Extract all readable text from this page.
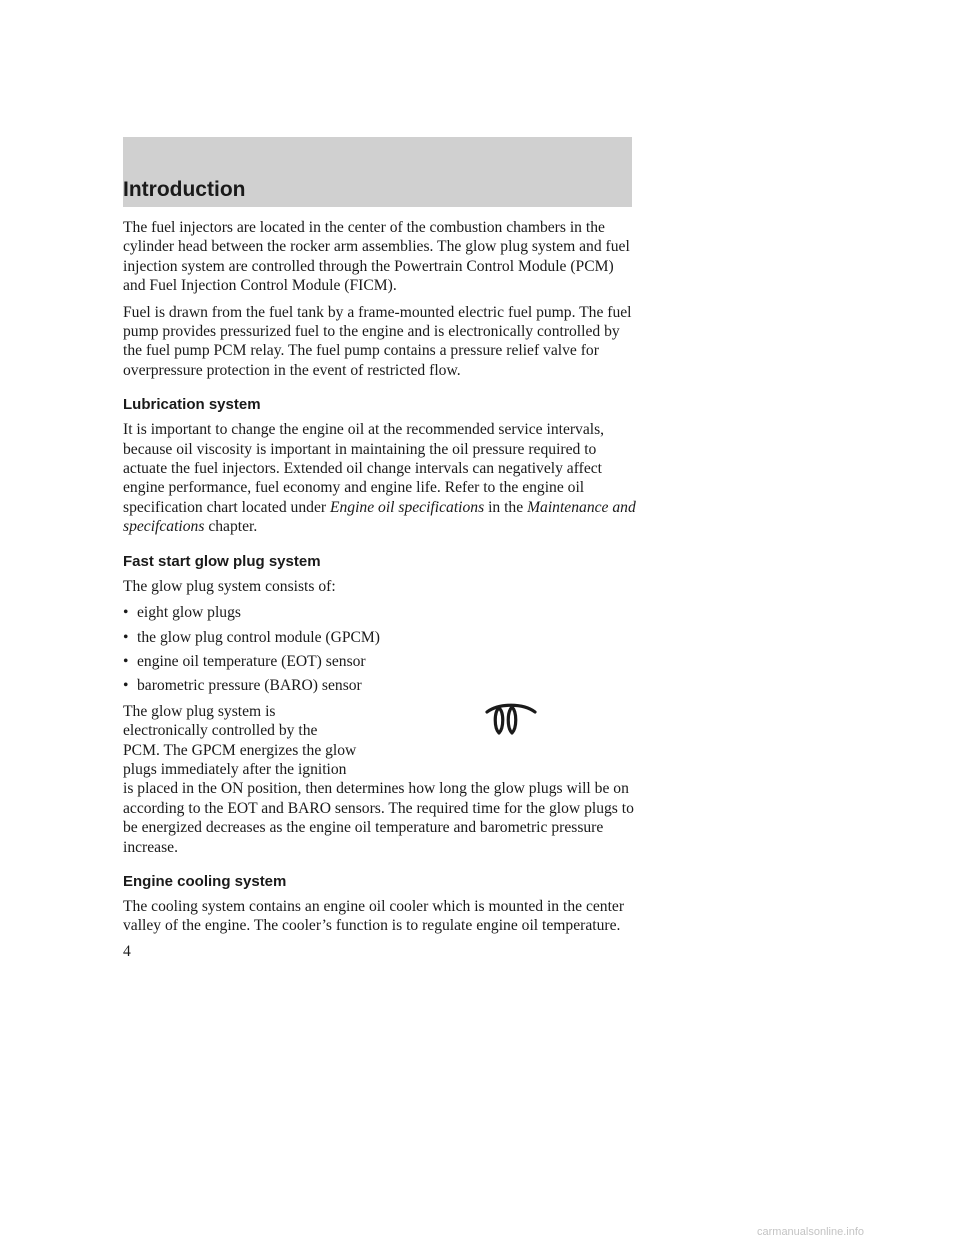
Introduction

The fuel injectors are located in the center of the combustion chambers in the cylinder head between the rocker arm assemblies. The glow plug system and fuel injection system are controlled through the Powertrain Control Module (PCM) and Fuel Injection Control Module (FICM).

Fuel is drawn from the fuel tank by a frame-mounted electric fuel pump. The fuel pump provides pressurized fuel to the engine and is electronically controlled by the fuel pump PCM relay. The fuel pump contains a pressure relief valve for overpressure protection in the event of restricted flow.

Lubrication system

It is important to change the engine oil at the recommended service intervals, because oil viscosity is important in maintaining the oil pressure required to actuate the fuel injectors. Extended oil change intervals can negatively affect engine performance, fuel economy and engine life. Refer to the engine oil specification chart located under Engine oil specifications in the Maintenance and specifcations chapter.

Fast start glow plug system

The glow plug system consists of:

• eight glow plugs
• the glow plug control module (GPCM)
• engine oil temperature (EOT) sensor
• barometric pressure (BARO) sensor
The glow plug system is
electronically controlled by the
PCM. The GPCM energizes the glow
plugs immediately after the ignition

is placed in the ON position, then determines how long the glow plugs will be on according to the EOT and BARO sensors. The required time for the glow plugs to be energized decreases as the engine oil temperature and barometric pressure increase.

Engine cooling system

The cooling system contains an engine oil cooler which is mounted in the center valley of the engine. The cooler’s function is to regulate engine oil temperature.

4
carmanualsonline.info
